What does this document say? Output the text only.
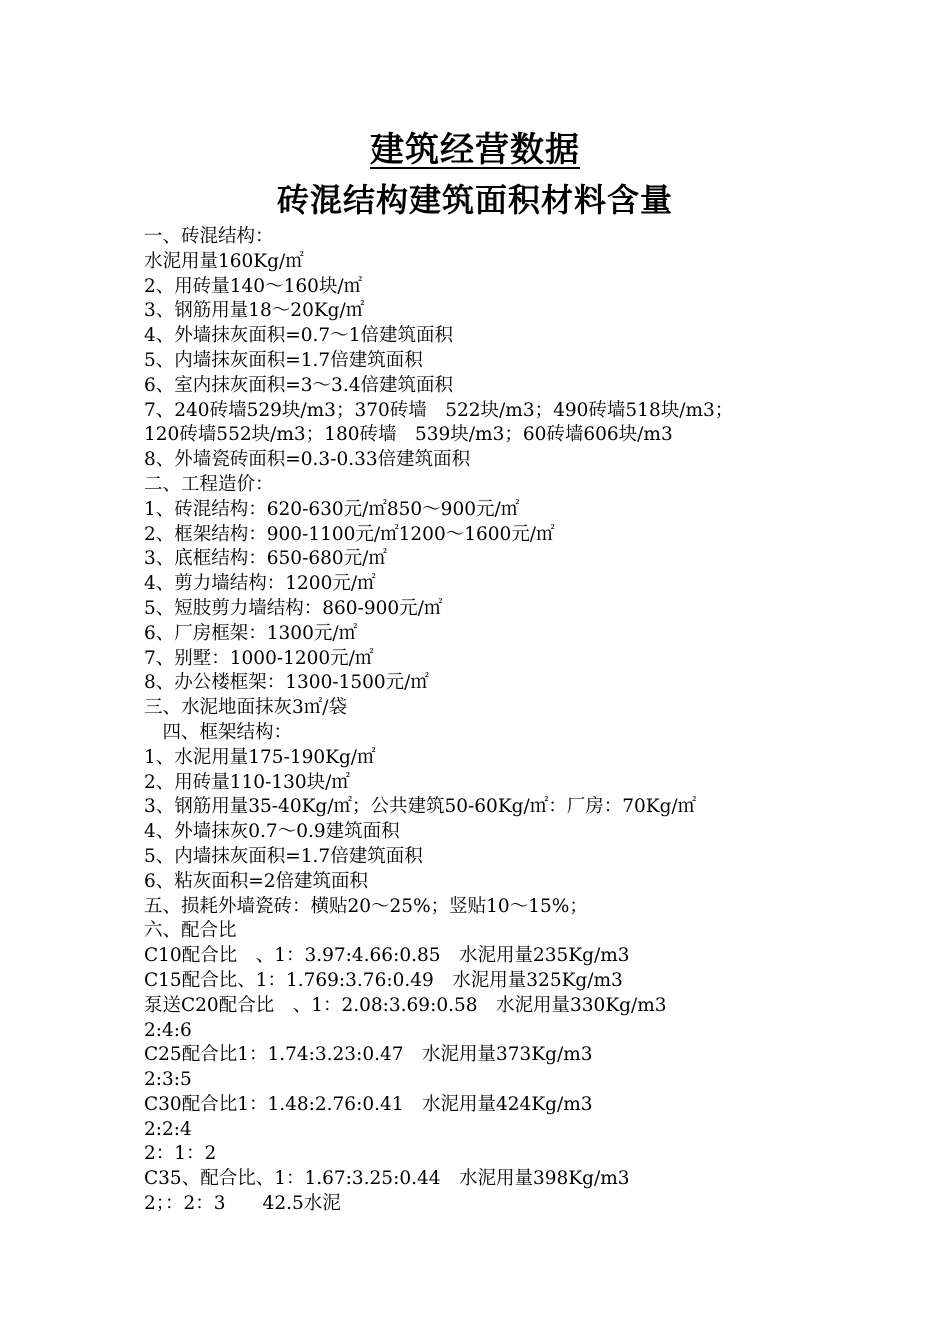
建筑经营数据
砖混结构建筑面积材料含量
一、砖混结构：
水泥用量160Kg/㎡
2、用砖量140～160块/㎡
3、钢筋用量18～20Kg/㎡
4、外墙抹灰面积=0.7～1倍建筑面积
5、内墙抹灰面积=1.7倍建筑面积
6、室内抹灰面积=3～3.4倍建筑面积
7、240砖墙529块/m3；370砖墙　522块/m3；490砖墙518块/m3；
120砖墙552块/m3；180砖墙　539块/m3；60砖墙606块/m3
8、外墙瓷砖面积=0.3-0.33倍建筑面积
二、工程造价：
1、砖混结构：620-630元/㎡850～900元/㎡
2、框架结构：900-1100元/㎡1200～1600元/㎡
3、底框结构：650-680元/㎡
4、剪力墙结构：1200元/㎡
5、短肢剪力墙结构：860-900元/㎡
6、厂房框架：1300元/㎡
7、别墅：1000-1200元/㎡
8、办公楼框架：1300-1500元/㎡
三、水泥地面抹灰3㎡/袋
　四、框架结构：
1、水泥用量175-190Kg/㎡
2、用砖量110-130块/㎡
3、钢筋用量35-40Kg/㎡；公共建筑50-60Kg/㎡：厂房：70Kg/㎡
4、外墙抹灰0.7～0.9建筑面积
5、内墙抹灰面积=1.7倍建筑面积
6、粘灰面积=2倍建筑面积
五、损耗外墙瓷砖：横贴20～25%；竖贴10～15%；
六、配合比
C10配合比　、1：3.97:4.66:0.85　水泥用量235Kg/m3
C15配合比、1：1.769:3.76:0.49　水泥用量325Kg/m3
泵送C20配合比　、1：2.08:3.69:0.58　水泥用量330Kg/m3
2:4:6
C25配合比1：1.74:3.23:0.47　水泥用量373Kg/m3
2:3:5
C30配合比1：1.48:2.76:0.41　水泥用量424Kg/m3
2:2:4
2：1：2
C35、配合比、1：1.67:3.25:0.44　水泥用量398Kg/m3
2；：2：3　　42.5水泥
